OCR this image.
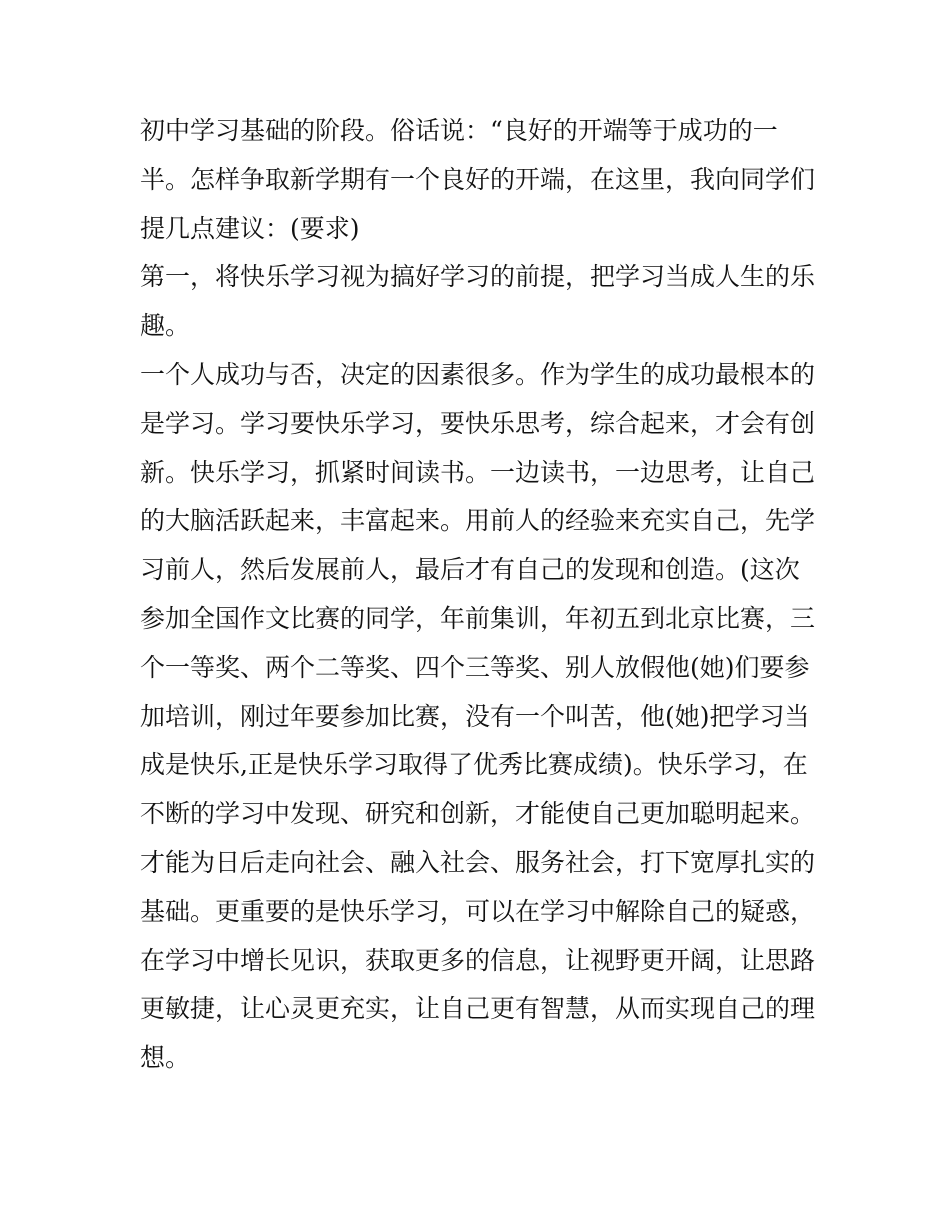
初中学习基础的阶段。俗话说：“良好的开端等于成功的一
半。怎样争取新学期有一个良好的开端，在这里，我向同学们
提几点建议：(要求)
第一，将快乐学习视为搞好学习的前提，把学习当成人生的乐
趣。
一个人成功与否，决定的因素很多。作为学生的成功最根本的
是学习。学习要快乐学习，要快乐思考，综合起来，才会有创
新。快乐学习，抓紧时间读书。一边读书，一边思考，让自己
的大脑活跃起来，丰富起来。用前人的经验来充实自己，先学
习前人，然后发展前人，最后才有自己的发现和创造。(这次
参加全国作文比赛的同学，年前集训，年初五到北京比赛，三
个一等奖、两个二等奖、四个三等奖、别人放假他(她)们要参
加培训，刚过年要参加比赛，没有一个叫苦，他(她)把学习当
成是快乐,正是快乐学习取得了优秀比赛成绩)。快乐学习，在
不断的学习中发现、研究和创新，才能使自己更加聪明起来。
才能为日后走向社会、融入社会、服务社会，打下宽厚扎实的
基础。更重要的是快乐学习，可以在学习中解除自己的疑惑，
在学习中增长见识，获取更多的信息，让视野更开阔，让思路
更敏捷，让心灵更充实，让自己更有智慧，从而实现自己的理
想。
